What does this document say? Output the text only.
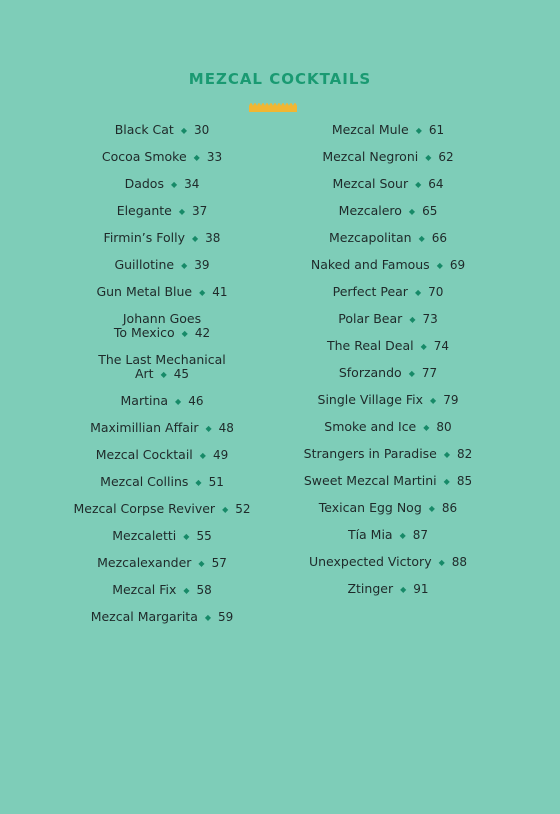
MEZCAL COCKTAILS
Black Cat ◆ 30
Cocoa Smoke ◆ 33
Dados ◆ 34
Elegante ◆ 37
Firmin’s Folly ◆ 38
Guillotine ◆ 39
Gun Metal Blue ◆ 41
Johann Goes
To Mexico ◆ 42
The Last Mechanical
Art ◆ 45
Martina ◆ 46
Maximillian Affair ◆ 48
Mezcal Cocktail ◆ 49
Mezcal Collins ◆ 51
Mezcal Corpse Reviver ◆ 52
Mezcaletti ◆ 55
Mezcalexander ◆ 57
Mezcal Fix ◆ 58
Mezcal Margarita ◆ 59
Mezcal Mule ◆ 61
Mezcal Negroni ◆ 62
Mezcal Sour ◆ 64
Mezcalero ◆ 65
Mezcapolitan ◆ 66
Naked and Famous ◆ 69
Perfect Pear ◆ 70
Polar Bear ◆ 73
The Real Deal ◆ 74
Sforzando ◆ 77
Single Village Fix ◆ 79
Smoke and Ice ◆ 80
Strangers in Paradise ◆ 82
Sweet Mezcal Martini ◆ 85
Texican Egg Nog ◆ 86
Tía Mia ◆ 87
Unexpected Victory ◆ 88
Ztinger ◆ 91
